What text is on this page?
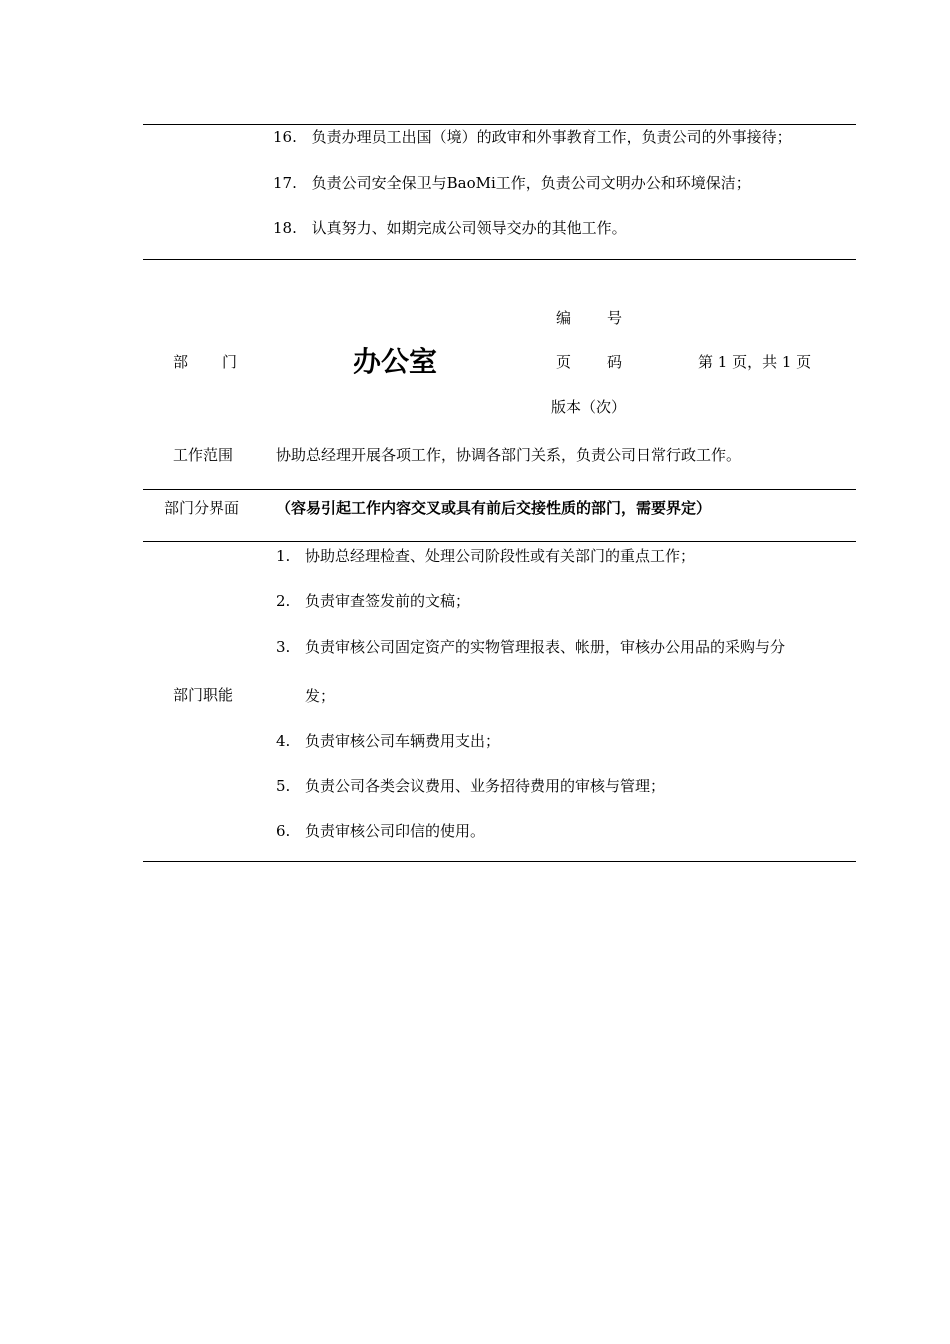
16. 负责办理员工出国（境）的政审和外事教育工作，负责公司的外事接待；
17. 负责公司安全保卫与BaoMi工作，负责公司文明办公和环境保洁；
18. 认真努力、如期完成公司领导交办的其他工作。
部 门	办公室
编 号
页 码	第 1 页，共 1 页
版本（次）
工作范围	协助总经理开展各项工作，协调各部门关系，负责公司日常行政工作。
部门分界面 （容易引起工作内容交叉或具有前后交接性质的部门，需要界定）
部门职能
1. 协助总经理检查、处理公司阶段性或有关部门的重点工作；
2. 负责审查签发前的文稿；
3. 负责审核公司固定资产的实物管理报表、帐册，审核办公用品的采购与分
发；
4. 负责审核公司车辆费用支出；
5. 负责公司各类会议费用、业务招待费用的审核与管理；
6. 负责审核公司印信的使用。
